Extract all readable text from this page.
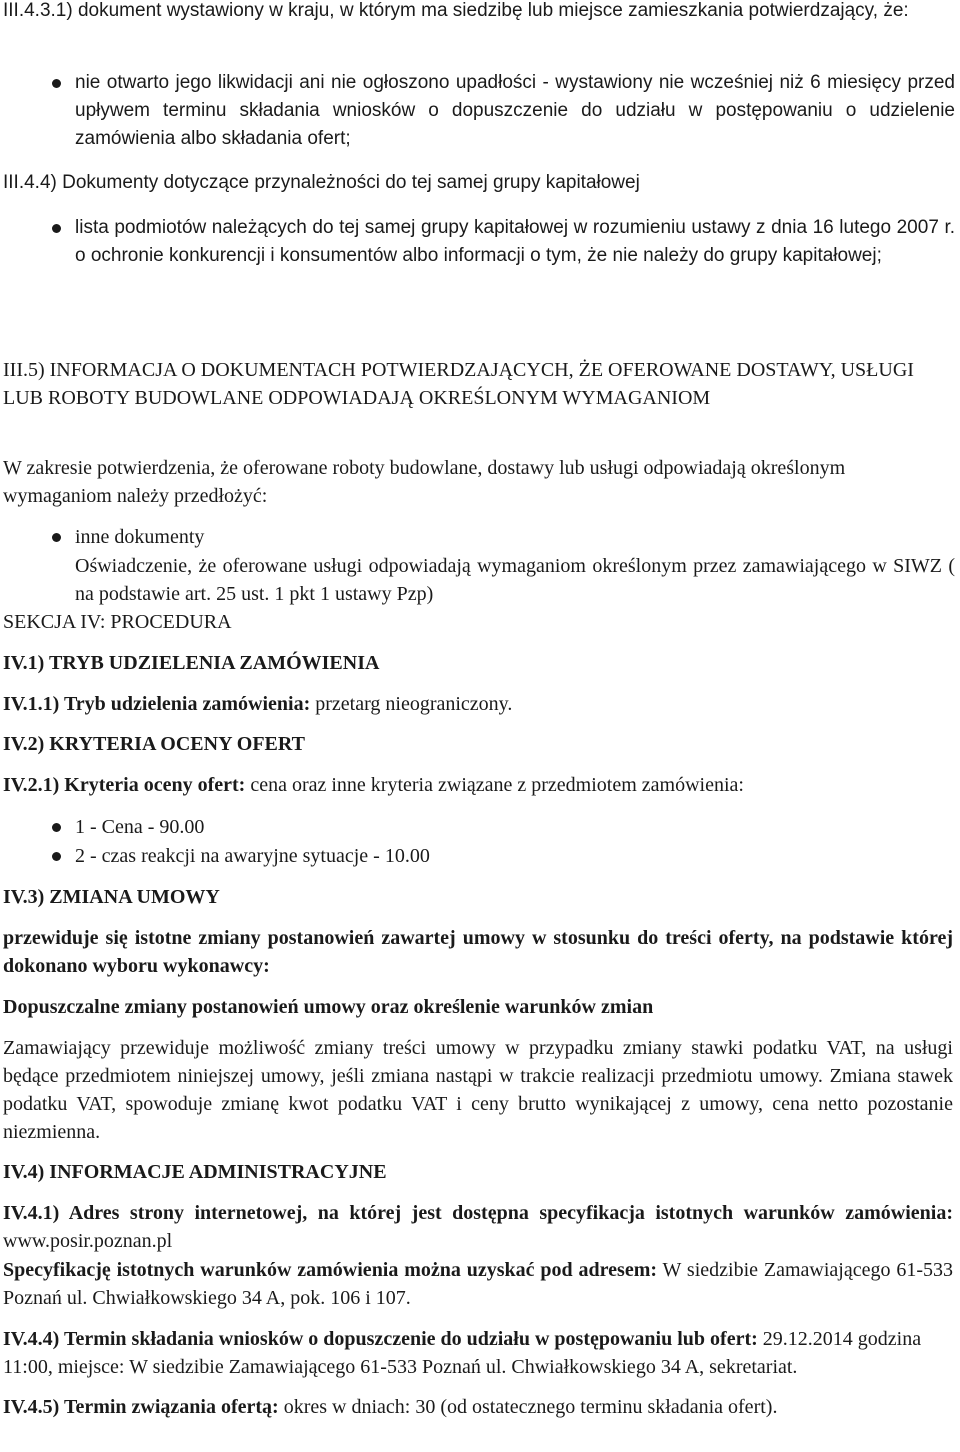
III.4.3.1) dokument wystawiony w kraju, w którym ma siedzibę lub miejsce zamieszkania potwierdzający, że:
nie otwarto jego likwidacji ani nie ogłoszono upadłości - wystawiony nie wcześniej niż 6 miesięcy przed upływem terminu składania wniosków o dopuszczenie do udziału w postępowaniu o udzielenie zamówienia albo składania ofert;
III.4.4) Dokumenty dotyczące przynależności do tej samej grupy kapitałowej
lista podmiotów należących do tej samej grupy kapitałowej w rozumieniu ustawy z dnia 16 lutego 2007 r. o ochronie konkurencji i konsumentów albo informacji o tym, że nie należy do grupy kapitałowej;
III.5) INFORMACJA O DOKUMENTACH POTWIERDZAJĄCYCH, ŻE OFEROWANE DOSTAWY, USŁUGI LUB ROBOTY BUDOWLANE ODPOWIADAJĄ OKREŚLONYM WYMAGANIOM
W zakresie potwierdzenia, że oferowane roboty budowlane, dostawy lub usługi odpowiadają określonym wymaganiom należy przedłożyć:
inne dokumenty
Oświadczenie, że oferowane usługi odpowiadają wymaganiom określonym przez zamawiającego w SIWZ ( na podstawie art. 25 ust. 1 pkt 1 ustawy Pzp)
SEKCJA IV: PROCEDURA
IV.1) TRYB UDZIELENIA ZAMÓWIENIA
IV.1.1) Tryb udzielenia zamówienia: przetarg nieograniczony.
IV.2) KRYTERIA OCENY OFERT
IV.2.1) Kryteria oceny ofert: cena oraz inne kryteria związane z przedmiotem zamówienia:
1 - Cena - 90.00
2 - czas reakcji na awaryjne sytuacje - 10.00
IV.3) ZMIANA UMOWY
przewiduje się istotne zmiany postanowień zawartej umowy w stosunku do treści oferty, na podstawie której dokonano wyboru wykonawcy:
Dopuszczalne zmiany postanowień umowy oraz określenie warunków zmian
Zamawiający przewiduje możliwość zmiany treści umowy w przypadku zmiany stawki podatku VAT, na usługi będące przedmiotem niniejszej umowy, jeśli zmiana nastąpi w trakcie realizacji przedmiotu umowy. Zmiana stawek podatku VAT, spowoduje zmianę kwot podatku VAT i ceny brutto wynikającej z umowy, cena netto pozostanie niezmienna.
IV.4) INFORMACJE ADMINISTRACYJNE
IV.4.1) Adres strony internetowej, na której jest dostępna specyfikacja istotnych warunków zamówienia: www.posir.poznan.pl
Specyfikację istotnych warunków zamówienia można uzyskać pod adresem: W siedzibie Zamawiającego 61-533 Poznań ul. Chwiałkowskiego 34 A, pok. 106 i 107.
IV.4.4) Termin składania wniosków o dopuszczenie do udziału w postępowaniu lub ofert: 29.12.2014 godzina 11:00, miejsce: W siedzibie Zamawiającego 61-533 Poznań ul. Chwiałkowskiego 34 A, sekretariat.
IV.4.5) Termin związania ofertą: okres w dniach: 30 (od ostatecznego terminu składania ofert).
